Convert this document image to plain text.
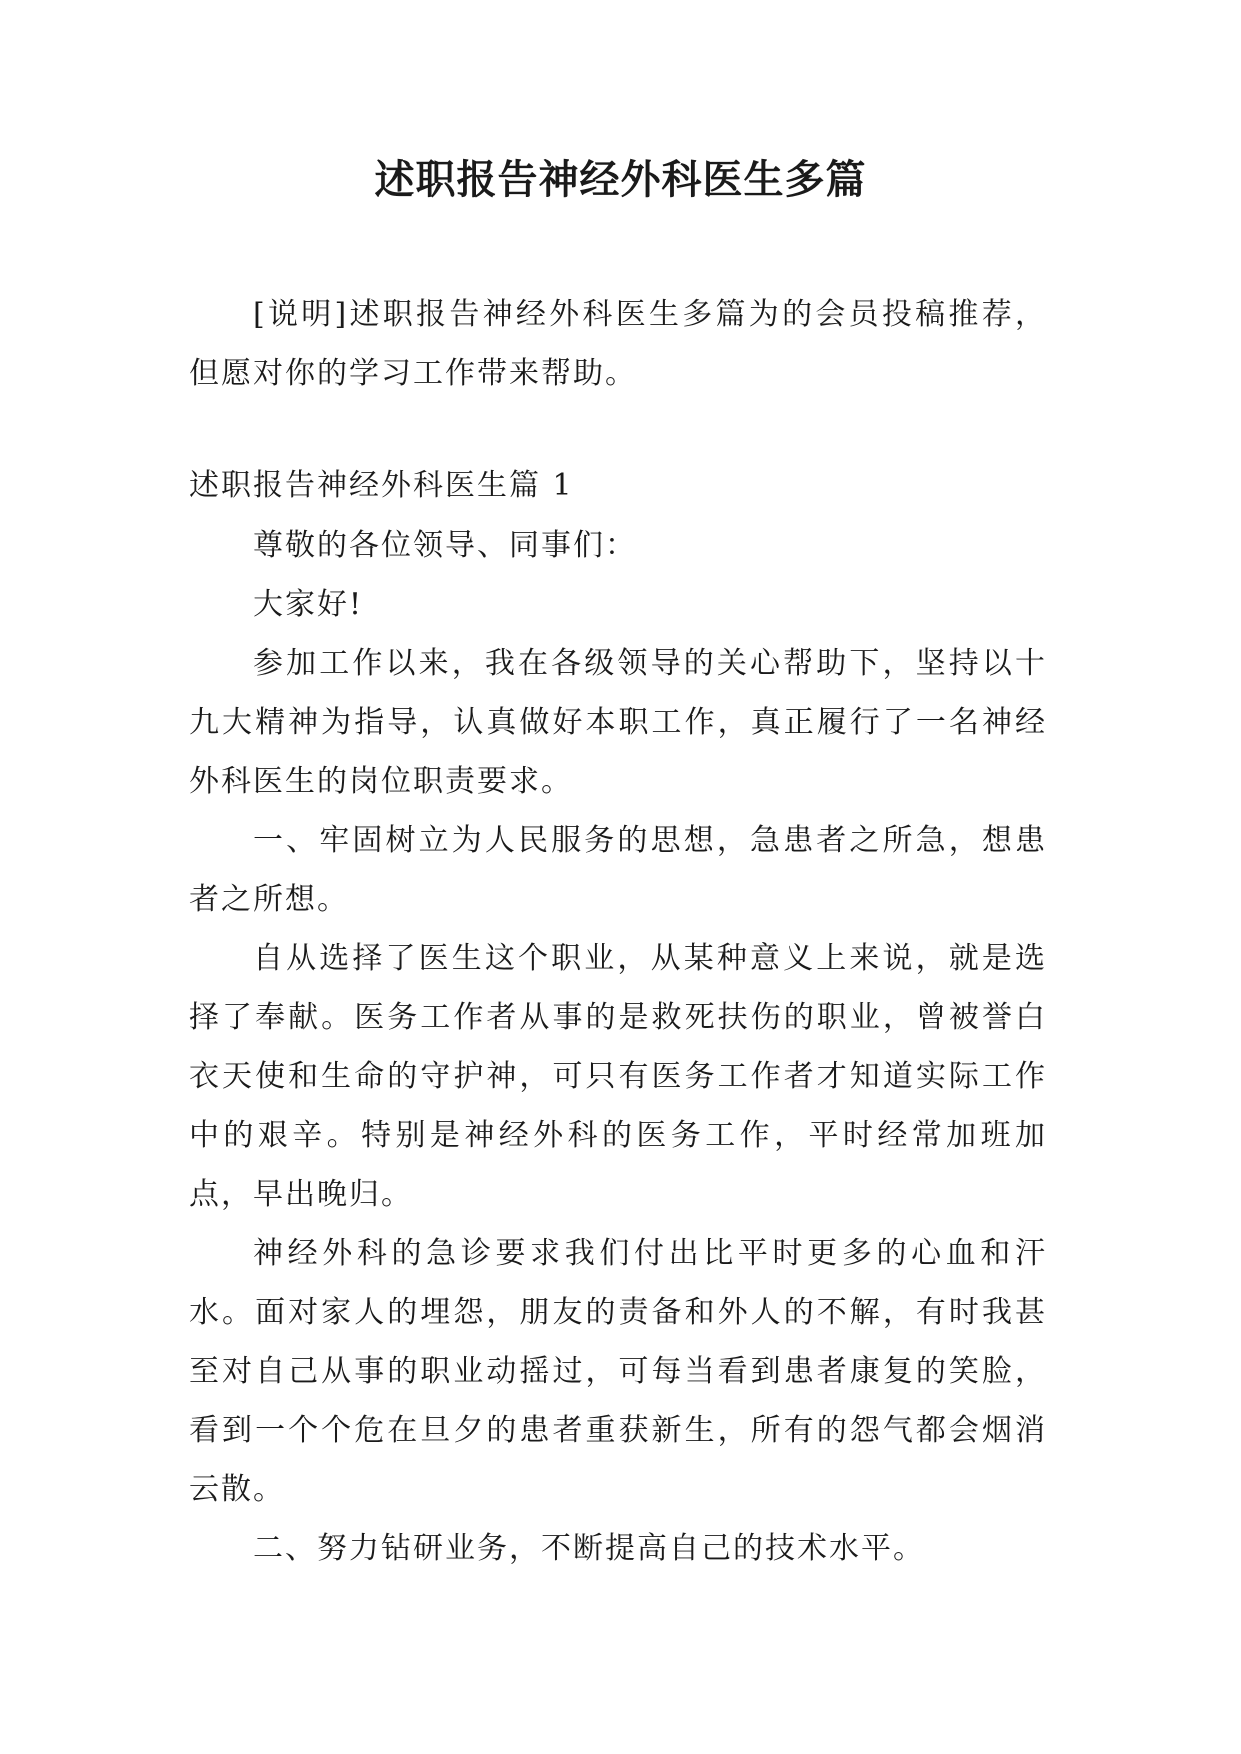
述职报告神经外科医生多篇

[说明]述职报告神经外科医生多篇为的会员投稿推荐，但愿对你的学习工作带来帮助。

述职报告神经外科医生篇 1

尊敬的各位领导、同事们：

大家好!

参加工作以来，我在各级领导的关心帮助下，坚持以十九大精神为指导，认真做好本职工作，真正履行了一名神经外科医生的岗位职责要求。

一、牢固树立为人民服务的思想，急患者之所急，想患者之所想。

自从选择了医生这个职业，从某种意义上来说，就是选择了奉献。医务工作者从事的是救死扶伤的职业，曾被誉白衣天使和生命的守护神，可只有医务工作者才知道实际工作中的艰辛。特别是神经外科的医务工作，平时经常加班加点，早出晚归。

神经外科的急诊要求我们付出比平时更多的心血和汗水。面对家人的埋怨，朋友的责备和外人的不解，有时我甚至对自己从事的职业动摇过，可每当看到患者康复的笑脸，看到一个个危在旦夕的患者重获新生，所有的怨气都会烟消云散。

二、努力钻研业务，不断提高自己的技术水平。
